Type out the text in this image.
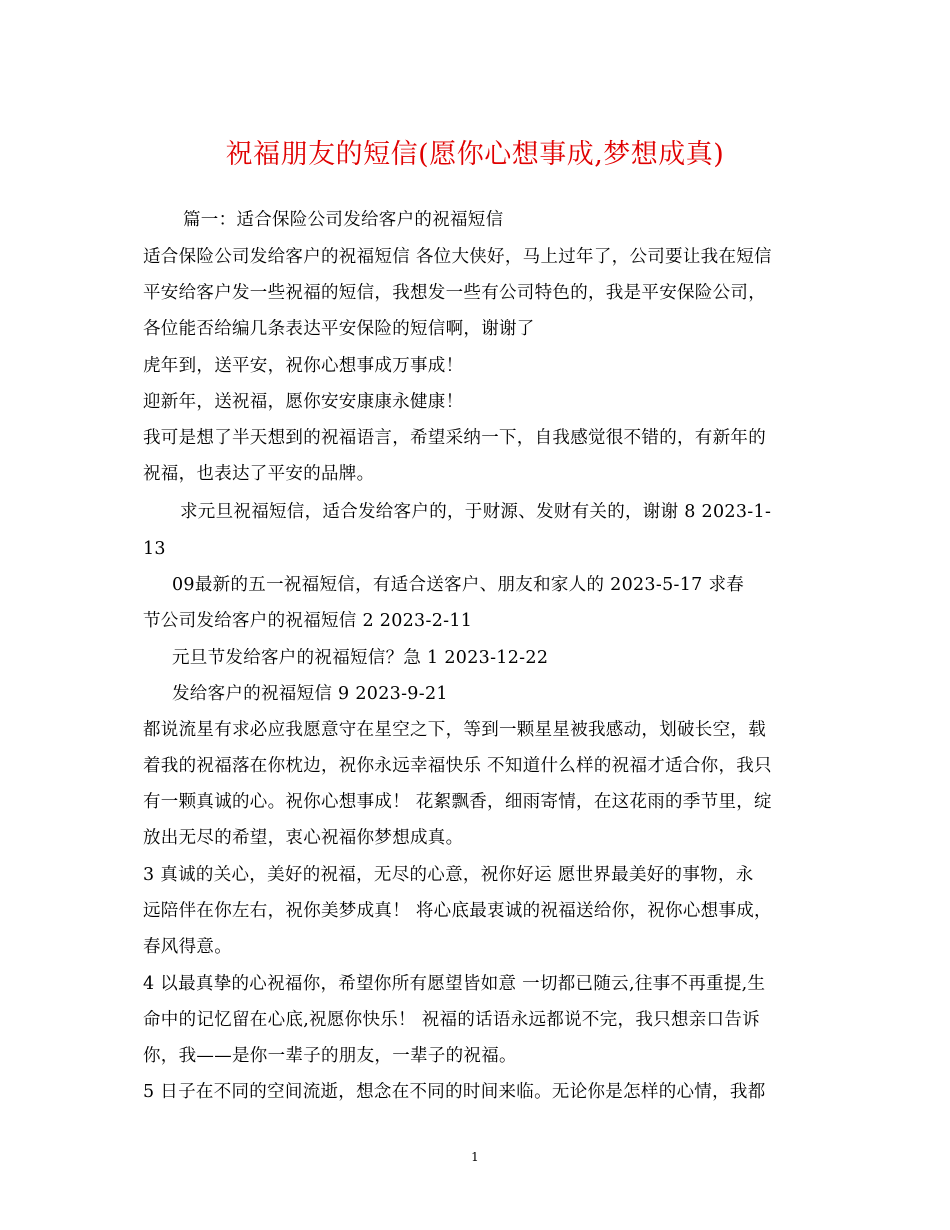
祝福朋友的短信(愿你心想事成,梦想成真)
篇一：适合保险公司发给客户的祝福短信
适合保险公司发给客户的祝福短信 各位大侠好，马上过年了，公司要让我在短信
平安给客户发一些祝福的短信，我想发一些有公司特色的，我是平安保险公司，
各位能否给编几条表达平安保险的短信啊，谢谢了
虎年到，送平安，祝你心想事成万事成！
迎新年，送祝福，愿你安安康康永健康！
我可是想了半天想到的祝福语言，希望采纳一下，自我感觉很不错的，有新年的
祝福，也表达了平安的品牌。
求元旦祝福短信，适合发给客户的，于财源、发财有关的，谢谢 8 2023-1-
13
09最新的五一祝福短信，有适合送客户、朋友和家人的 2023-5-17 求春
节公司发给客户的祝福短信 2 2023-2-11
元旦节发给客户的祝福短信？急 1 2023-12-22
发给客户的祝福短信 9 2023-9-21
都说流星有求必应我愿意守在星空之下，等到一颗星星被我感动，划破长空，载
着我的祝福落在你枕边，祝你永远幸福快乐 不知道什么样的祝福才适合你，我只
有一颗真诚的心。祝你心想事成！ 花絮飘香，细雨寄情，在这花雨的季节里，绽
放出无尽的希望，衷心祝福你梦想成真。
3 真诚的关心，美好的祝福，无尽的心意，祝你好运 愿世界最美好的事物，永
远陪伴在你左右，祝你美梦成真！ 将心底最衷诚的祝福送给你，祝你心想事成，
春风得意。
4 以最真挚的心祝福你，希望你所有愿望皆如意 一切都已随云,往事不再重提,生
命中的记忆留在心底,祝愿你快乐！ 祝福的话语永远都说不完，我只想亲口告诉
你，我——是你一辈子的朋友，一辈子的祝福。
5 日子在不同的空间流逝，想念在不同的时间来临。无论你是怎样的心情，我都
1
